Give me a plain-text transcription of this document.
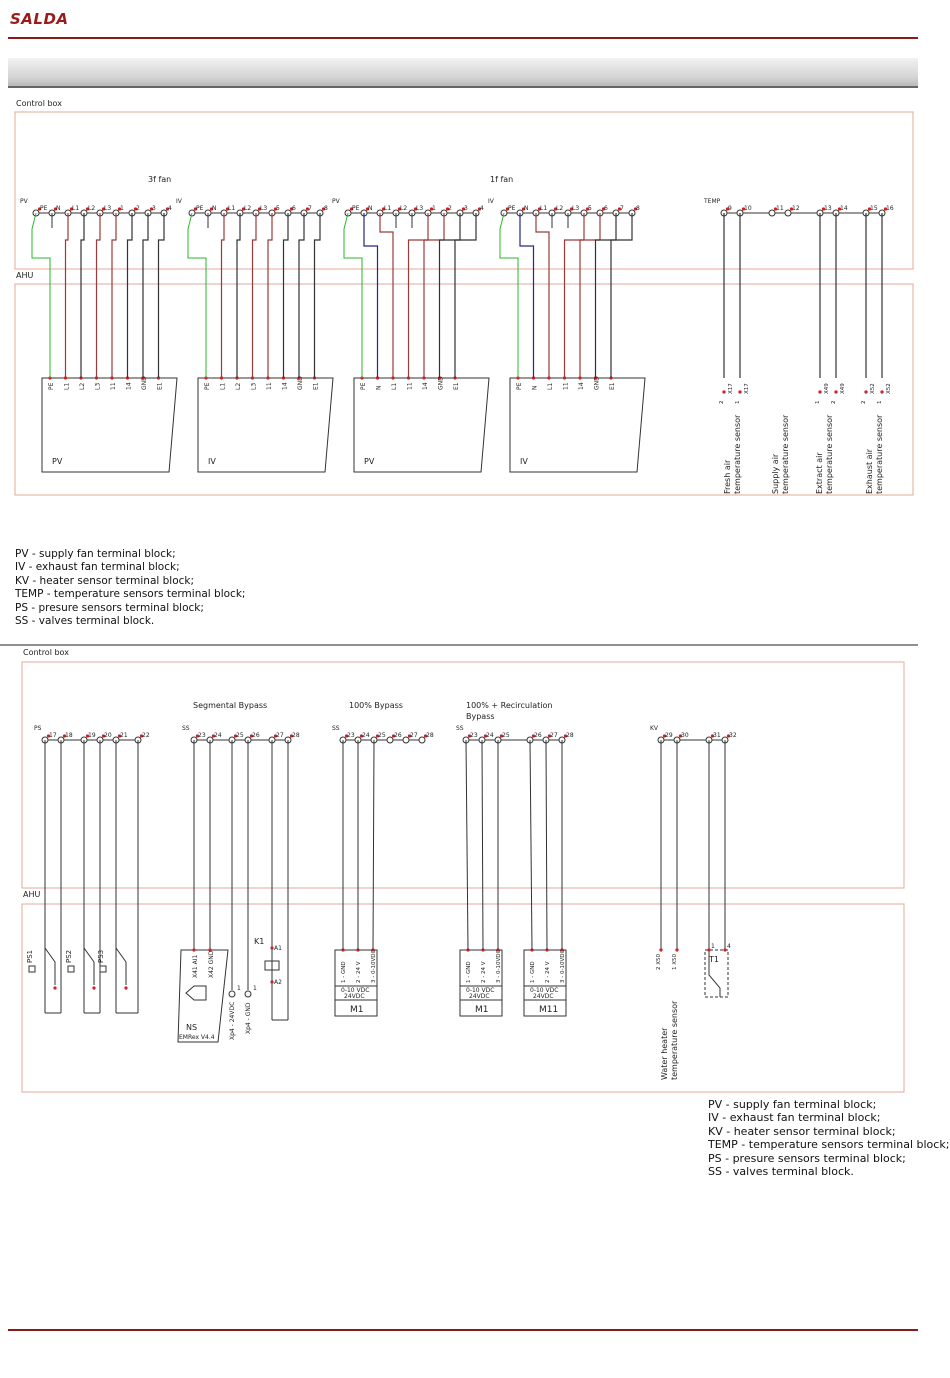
SALDA
Control box
AHU
3f fan	1f fan
PV
PE N L1 L2 L3 1 2 3 4
PV
PE L1 L2 L3 11 14 GND E1
IV
PE N L1 L2 L3 5 6 7 8
IV
PE L1 L2 L3 11 14 GND E1
PV
PE N L1 L2 L3 1 2 3 4
PV
PE N L1 11 14 GND E1
IV
PE N L1 L2 L3 5 6 7 8
IV
PE N L1 11 14 GND E1
TEMP
9 10	11 12	13 14	15 16
2
X17
1
X17
1
X49
2
X49
2
X52
1
X52
Fresh airtemperature sensor	Supply airtemperature sensor	Extract airtemperature sensor	Exhaust airtemperature sensor
Control box
AHU
PS
17 18	19 20 21 22
PS1	PS2	PS3
Segmental Bypass
SS
23 24 25 26	27 28
X41 AI1 X42 GND
NS
EMRex V4.4
1
Xp4 - 24VDC
1
Xp4 - GND
K1
A1
A2
100% Bypass
SS
23 24 25 26 27 28
1 - GND 2 - 24 V 3 - 0-10VDC
0-10 VDC
24VDC
M1
100% + Recirculation
Bypass
SS
23 24 25	26 27 28
1 - GND 2 - 24 V 3 - 0-10VDC
0-10 VDC
24VDC
M1
1 - GND 2 - 24 V 3 - 0-10VDC
0-10 VDC
24VDC
M11
KV
29 30	31 32
2 X50 1 X50
Water heatertemperature sensor
1 4
T1
PV - supply fan terminal block;
IV - exhaust fan terminal block;
KV - heater sensor terminal block;
TEMP - temperature sensors terminal block;
PS - presure sensors terminal block;
SS - valves terminal block.
PV - supply fan terminal block;
IV - exhaust fan terminal block;
KV - heater sensor terminal block;
TEMP - temperature sensors terminal block;
PS - presure sensors terminal block;
SS - valves terminal block.
